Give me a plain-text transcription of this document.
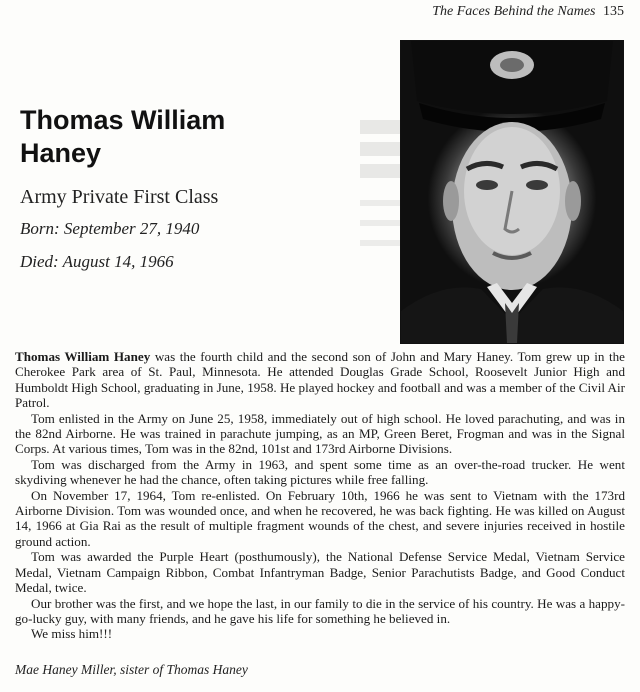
The Faces Behind the Names 135
Thomas William
Haney
Army Private First Class
Born: September 27, 1940
Died: August 14, 1966

Thomas William Haney was the fourth child and the second son of John and Mary Haney. Tom grew up in the Cherokee Park area of St. Paul, Minnesota. He attended Douglas Grade School, Roosevelt Junior High and Humboldt High School, graduating in June, 1958. He played hockey and football and was a member of the Civil Air Patrol.

Tom enlisted in the Army on June 25, 1958, immediately out of high school. He loved parachuting, and was in the 82nd Airborne. He was trained in parachute jumping, as an MP, Green Beret, Frogman and was in the Signal Corps. At various times, Tom was in the 82nd, 101st and 173rd Airborne Divisions.

Tom was discharged from the Army in 1963, and spent some time as an over-the-road trucker. He went skydiving whenever he had the chance, often taking pictures while free falling.

On November 17, 1964, Tom re-enlisted. On February 10th, 1966 he was sent to Vietnam with the 173rd Airborne Division. Tom was wounded once, and when he recovered, he was back fighting. He was killed on August 14, 1966 at Gia Rai as the result of multiple fragment wounds of the chest, and severe injuries received in hostile ground action.

Tom was awarded the Purple Heart (posthumously), the National Defense Service Medal, Vietnam Service Medal, Vietnam Campaign Ribbon, Combat Infantryman Badge, Senior Parachutists Badge, and Good Conduct Medal, twice.

Our brother was the first, and we hope the last, in our family to die in the service of his country. He was a happy-go-lucky guy, with many friends, and he gave his life for something he believed in.

We miss him!!!

Mae Haney Miller, sister of Thomas Haney
